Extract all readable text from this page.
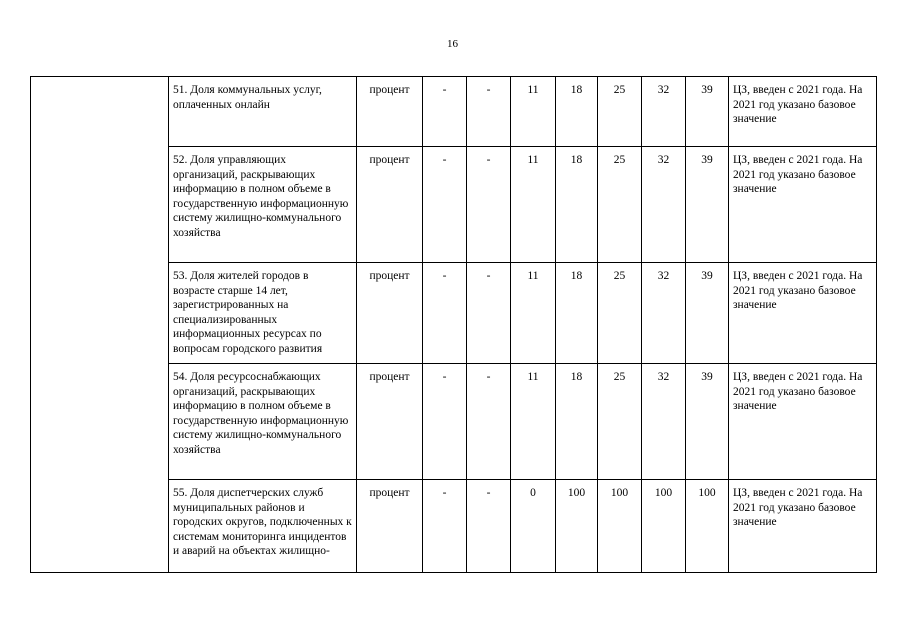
16
	51. Доля коммунальных услуг, оплаченных онлайн	процент	-	-	11	18	25	32	39	ЦЗ, введен с 2021 года. На 2021 год указано базовое значение
	52. Доля управляющих организаций, раскрывающих информацию в полном объеме в государственную информационную систему жилищно-коммунального хозяйства	процент	-	-	11	18	25	32	39	ЦЗ, введен с 2021 года. На 2021 год указано базовое значение
	53. Доля жителей городов в возрасте старше 14 лет, зарегистрированных на специализированных информационных ресурсах по вопросам городского развития	процент	-	-	11	18	25	32	39	ЦЗ, введен с 2021 года. На 2021 год указано базовое значение
	54. Доля ресурсоснабжающих организаций, раскрывающих информацию в полном объеме в государственную информационную систему жилищно-коммунального хозяйства	процент	-	-	11	18	25	32	39	ЦЗ, введен с 2021 года. На 2021 год указано базовое значение
	55. Доля диспетчерских служб муниципальных районов и городских округов, подключенных к системам мониторинга инцидентов и аварий на объектах жилищно-	процент	-	-	0	100	100	100	100	ЦЗ, введен с 2021 года. На 2021 год указано базовое значение
